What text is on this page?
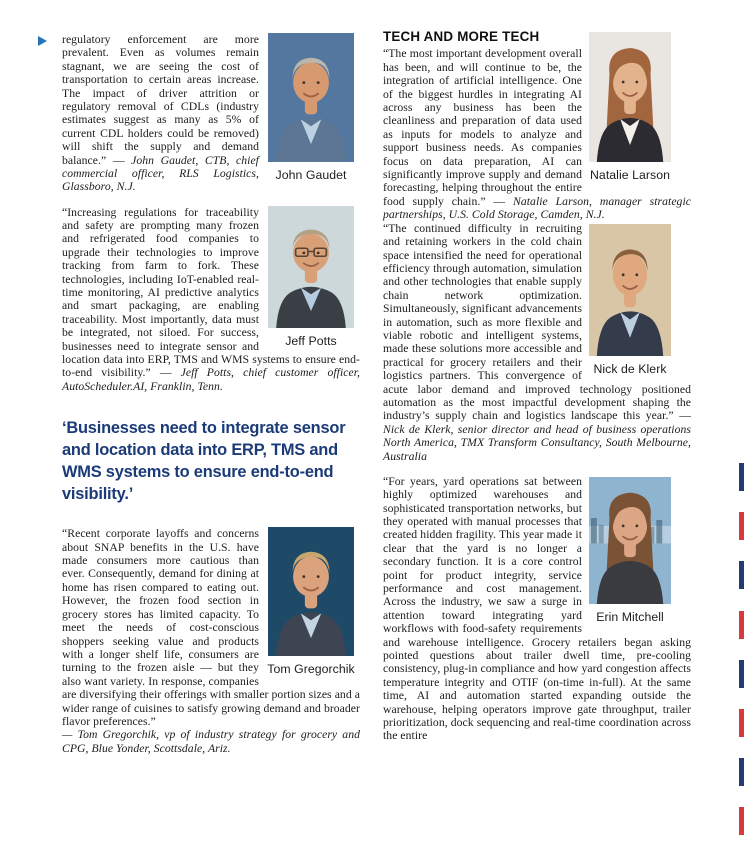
John Gaudet
regulatory enforcement are more prevalent. Even as volumes remain stagnant, we are seeing the cost of transportation to certain areas increase. The impact of driver attrition or regulatory removal of CDLs (industry estimates suggest as many as 5% of current CDL holders could be removed) will shift the supply and demand balance.” — John Gaudet, CTB, chief commercial officer, RLS Logistics, Glassboro, N.J.

Jeff Potts
“Increasing regulations for traceability and safety are prompting many frozen and refrigerated food companies to upgrade their technologies to improve tracking from farm to fork. These technologies, including IoT-enabled real-time monitoring, AI predictive analytics and smart packaging, are enabling traceability. Most importantly, data must be integrated, not siloed. For success, businesses need to integrate sensor and location data into ERP, TMS and WMS systems to ensure end-to-end visibility.” — Jeff Potts, chief customer officer, AutoScheduler.AI, Franklin, Tenn.

‘Businesses need to integrate sensor and location data into ERP, TMS and WMS systems to ensure end-to-end visibility.’

Tom Gregorchik
“Recent corporate layoffs and concerns about SNAP benefits in the U.S. have made consumers more cautious than ever. Consequently, demand for dining at home has risen compared to eating out. However, the frozen food section in grocery stores has limited capacity. To meet the needs of cost-conscious shoppers seeking value and products with a longer shelf life, consumers are turning to the frozen aisle — but they also want variety. In response, companies are diversifying their offerings with smaller portion sizes and a wider range of cuisines to satisfy growing demand and broader flavor preferences.”
— Tom Gregorchik, vp of industry strategy for grocery and CPG, Blue Yonder, Scottsdale, Ariz.

Natalie Larson
TECH AND MORE TECH

“The most important development overall has been, and will continue to be, the integration of artificial intelligence. One of the biggest hurdles in integrating AI across any business has been the cleanliness and preparation of data used as inputs for models to analyze and support business needs. As companies focus on data preparation, AI can significantly improve supply and demand forecasting, helping throughout the entire food supply chain.” — Natalie Larson, manager strategic partnerships, U.S. Cold Storage, Camden, N.J.

Nick de Klerk
“The continued difficulty in recruiting and retaining workers in the cold chain space intensified the need for operational efficiency through automation, simulation and other technologies that enable supply chain network optimization. Simultaneously, significant advancements in automation, such as more flexible and viable robotic and intelligent systems, made these solutions more accessible and practical for grocery retailers and their logistics partners. This convergence of acute labor demand and improved technology positioned automation as the most impactful development shaping the industry’s supply chain and logistics landscape this year.” — Nick de Klerk, senior director and head of business operations North America, TMX Transform Consultancy, South Melbourne, Australia

Erin Mitchell
“For years, yard operations sat between highly optimized warehouses and sophisticated transportation networks, but they operated with manual processes that created hidden fragility. This year made it clear that the yard is no longer a secondary function. It is a core control point for product integrity, service performance and cost management. Across the industry, we saw a surge in attention toward integrating yard workflows with food-safety requirements and warehouse intelligence. Grocery retailers began asking pointed questions about trailer dwell time, pre-cooling consistency, plug-in compliance and how yard congestion affects temperature integrity and OTIF (on-time in-full). At the same time, AI and automation started expanding outside the warehouse, helping operators improve gate throughput, trailer prioritization, dock sequencing and real-time coordination across the entire
